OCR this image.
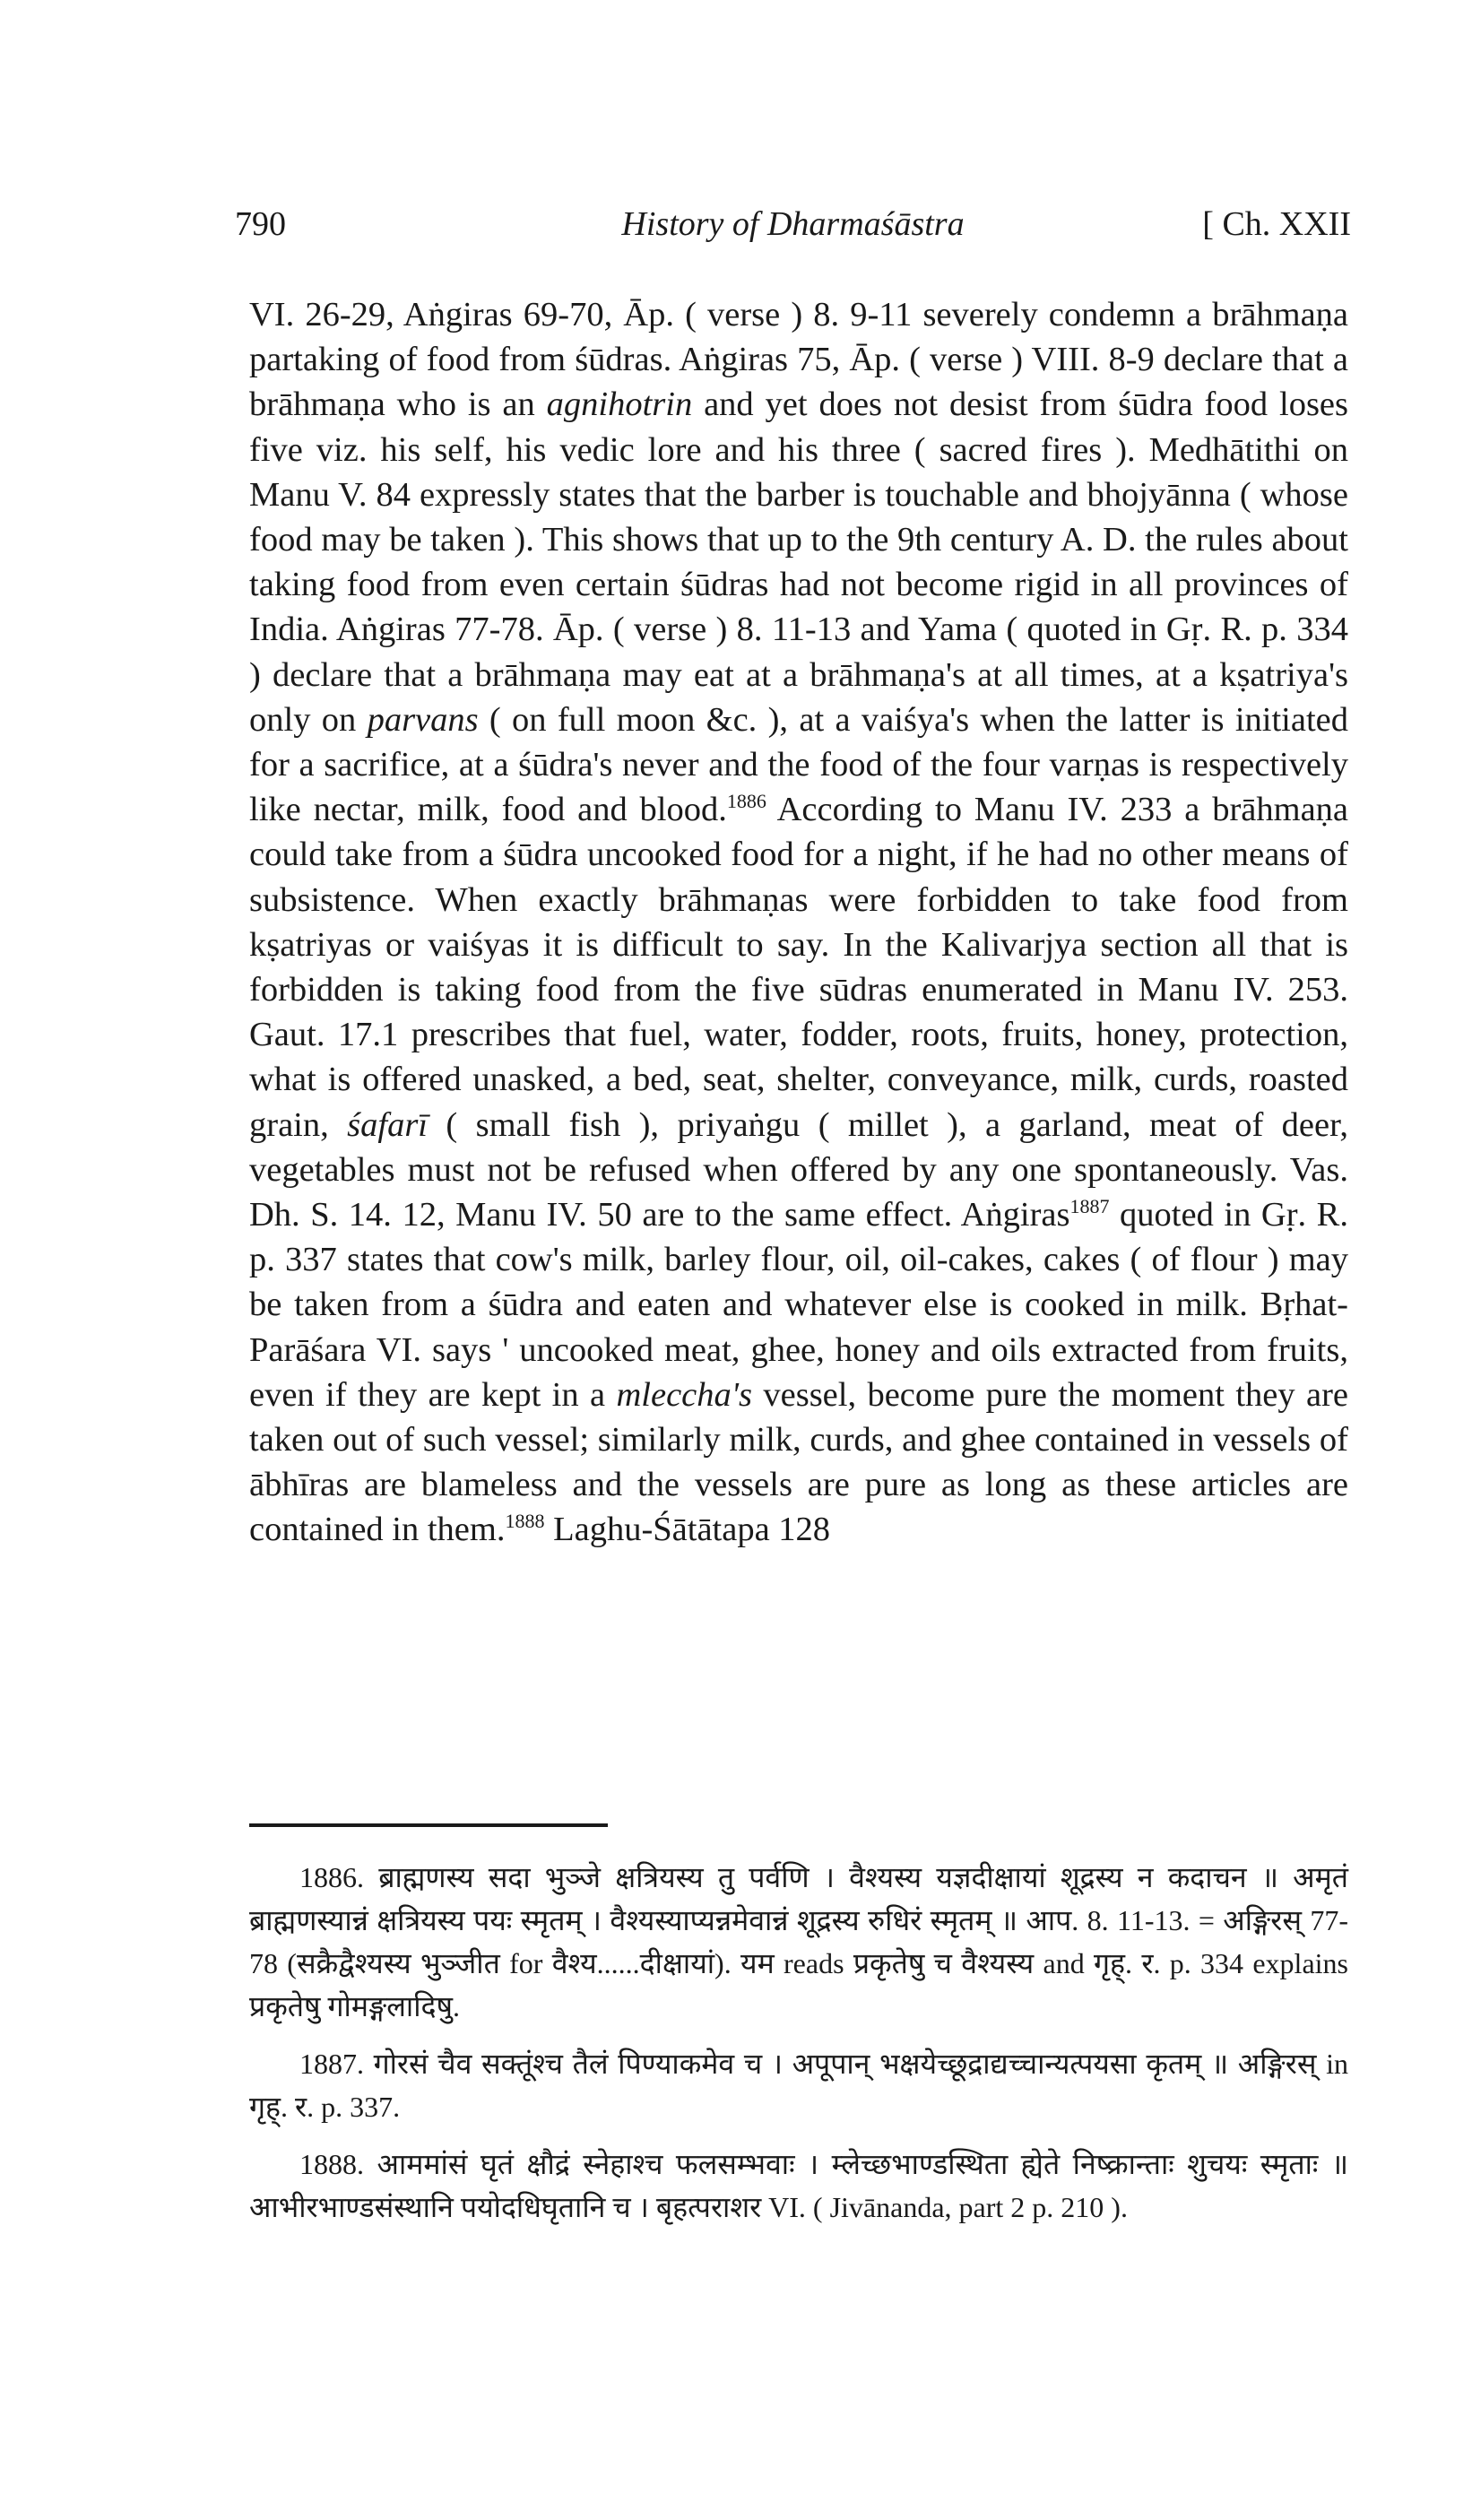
790	History of Dharmaśāstra	[ Ch. XXII

VI. 26-29, Aṅgiras 69-70, Āp. ( verse ) 8. 9-11 severely condemn a brāhmaṇa partaking of food from śūdras. Aṅgiras 75, Āp. ( verse ) VIII. 8-9 declare that a brāhmaṇa who is an agnihotrin and yet does not desist from śūdra food loses five viz. his self, his vedic lore and his three ( sacred fires ). Medhātithi on Manu V. 84 expressly states that the barber is touchable and bhojyānna ( whose food may be taken ). This shows that up to the 9th century A. D. the rules about taking food from even certain śūdras had not become rigid in all provinces of India. Aṅgiras 77-78. Āp. ( verse ) 8. 11-13 and Yama ( quoted in Gṛ. R. p. 334 ) declare that a brāhmaṇa may eat at a brāhmaṇa's at all times, at a kṣatriya's only on parvans ( on full moon &c. ), at a vaiśya's when the latter is initiated for a sacrifice, at a śūdra's never and the food of the four varṇas is respectively like nectar, milk, food and blood.$^{1886}$ According to Manu IV. 233 a brāhmaṇa could take from a śūdra uncooked food for a night, if he had no other means of subsistence. When exactly brāhmaṇas were forbidden to take food from kṣatriyas or vaiśyas it is difficult to say. In the Kalivarjya section all that is forbidden is taking food from the five sūdras enumerated in Manu IV. 253. Gaut. 17.1 prescribes that fuel, water, fodder, roots, fruits, honey, protection, what is offered unasked, a bed, seat, shelter, conveyance, milk, curds, roasted grain, śafarī ( small fish ), priyaṅgu ( millet ), a garland, meat of deer, vegetables must not be refused when offered by any one spontaneously. Vas. Dh. S. 14. 12, Manu IV. 50 are to the same effect. Aṅgiras$^{1887}$ quoted in Gṛ. R. p. 337 states that cow's milk, barley flour, oil, oil-cakes, cakes ( of flour ) may be taken from a śūdra and eaten and whatever else is cooked in milk. Bṛhat-Parāśara VI. says ' uncooked meat, ghee, honey and oils extracted from fruits, even if they are kept in a mleccha's vessel, become pure the moment they are taken out of such vessel; similarly milk, curds, and ghee contained in vessels of ābhīras are blameless and the vessels are pure as long as these articles are contained in them.$^{1888}$ Laghu-Śātātapa 128

1886. ब्राह्मणस्य सदा भुञ्जे क्षत्रियस्य तु पर्वणि । वैश्यस्य यज्ञदीक्षायां शूद्रस्य न कदाचन ॥ अमृतं ब्राह्मणस्यान्नं क्षत्रियस्य पयः स्मृतम् । वैश्यस्याप्यन्नमेवान्नं शूद्रस्य रुधिरं स्मृतम् ॥ आप. 8. 11-13. = अङ्गिरस् 77-78 (सक्रैद्वैश्यस्य भुञ्जीत for वैश्य......दीक्षायां). यम reads प्रकृतेषु च वैश्यस्य and गृह्. र. p. 334 explains प्रकृतेषु गोमङ्गलादिषु.

1887. गोरसं चैव सक्तूंश्च तैलं पिण्याकमेव च । अपूपान् भक्षयेच्छूद्राद्यच्चान्यत्पयसा कृतम् ॥ अङ्गिरस् in गृह्. र. p. 337.

1888. आममांसं घृतं क्षौद्रं स्नेहाश्च फलसम्भवाः । म्लेच्छभाण्डस्थिता ह्येते निष्क्रान्ताः शुचयः स्मृताः ॥ आभीरभाण्डसंस्थानि पयोदधिघृतानि च । बृहत्पराशर VI. ( Jivānanda, part 2 p. 210 ).
